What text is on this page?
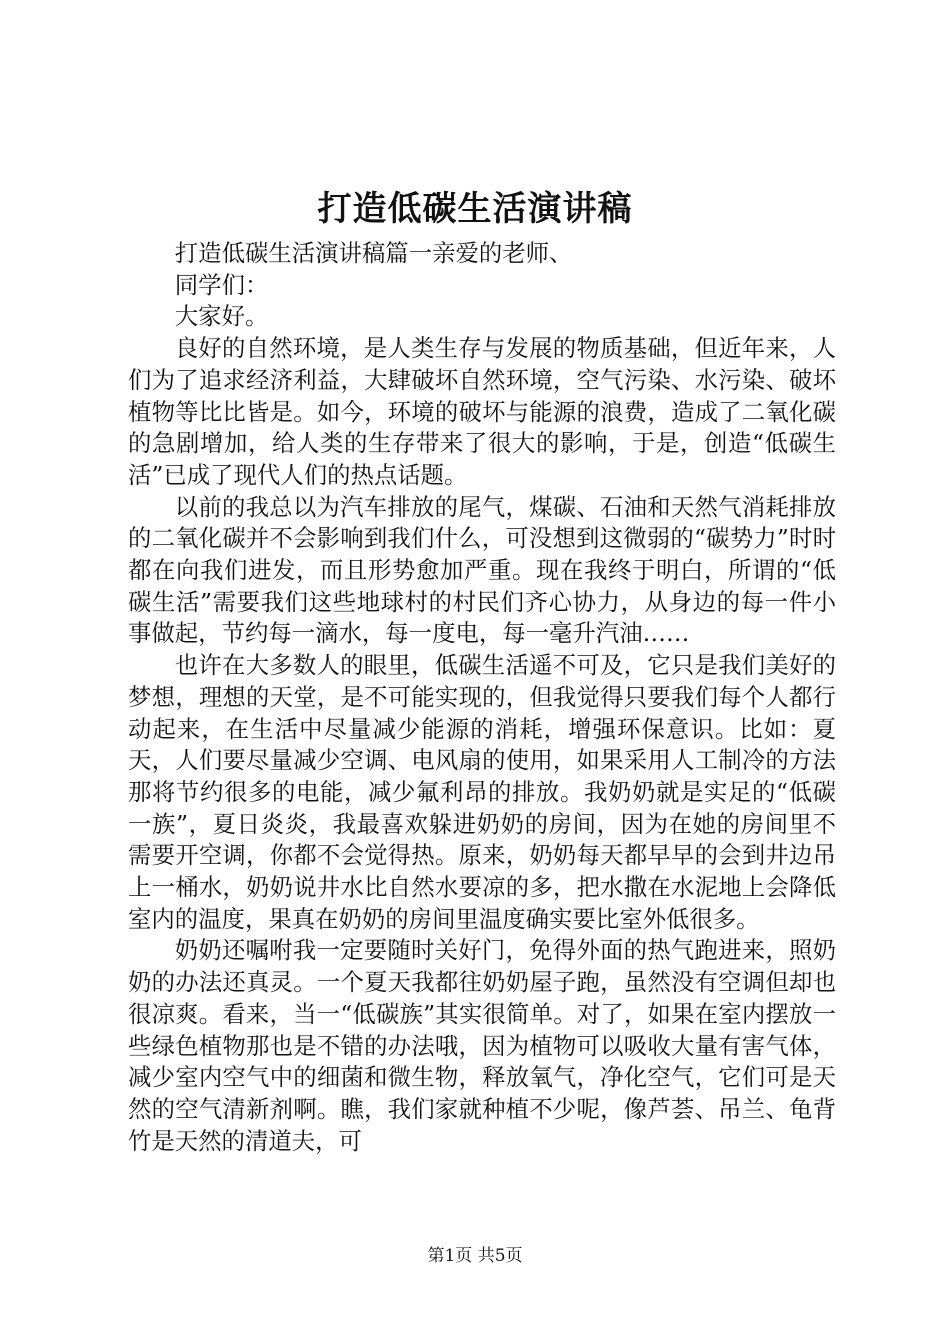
打造低碳生活演讲稿

打造低碳生活演讲稿篇一亲爱的老师、

同学们：

大家好。

良好的自然环境，是人类生存与发展的物质基础，但近年来，人们为了追求经济利益，大肆破坏自然环境，空气污染、水污染、破坏植物等比比皆是。如今，环境的破坏与能源的浪费，造成了二氧化碳的急剧增加，给人类的生存带来了很大的影响，于是，创造“低碳生活”已成了现代人们的热点话题。

以前的我总以为汽车排放的尾气，煤碳、石油和天然气消耗排放的二氧化碳并不会影响到我们什么，可没想到这微弱的“碳势力”时时都在向我们进发，而且形势愈加严重。现在我终于明白，所谓的“低碳生活”需要我们这些地球村的村民们齐心协力，从身边的每一件小事做起，节约每一滴水，每一度电，每一毫升汽油……

也许在大多数人的眼里，低碳生活遥不可及，它只是我们美好的梦想，理想的天堂，是不可能实现的，但我觉得只要我们每个人都行动起来，在生活中尽量减少能源的消耗，增强环保意识。比如：夏天，人们要尽量减少空调、电风扇的使用，如果采用人工制冷的方法那将节约很多的电能，减少氟利昂的排放。我奶奶就是实足的“低碳一族”，夏日炎炎，我最喜欢躲进奶奶的房间，因为在她的房间里不需要开空调，你都不会觉得热。原来，奶奶每天都早早的会到井边吊上一桶水，奶奶说井水比自然水要凉的多，把水撒在水泥地上会降低室内的温度，果真在奶奶的房间里温度确实要比室外低很多。

奶奶还嘱咐我一定要随时关好门，免得外面的热气跑进来，照奶奶的办法还真灵。一个夏天我都往奶奶屋子跑，虽然没有空调但却也很凉爽。看来，当一“低碳族”其实很简单。对了，如果在室内摆放一些绿色植物那也是不错的办法哦，因为植物可以吸收大量有害气体，减少室内空气中的细菌和微生物，释放氧气，净化空气，它们可是天然的空气清新剂啊。瞧，我们家就种植不少呢，像芦荟、吊兰、龟背竹是天然的清道夫，可

第1页 共5页
